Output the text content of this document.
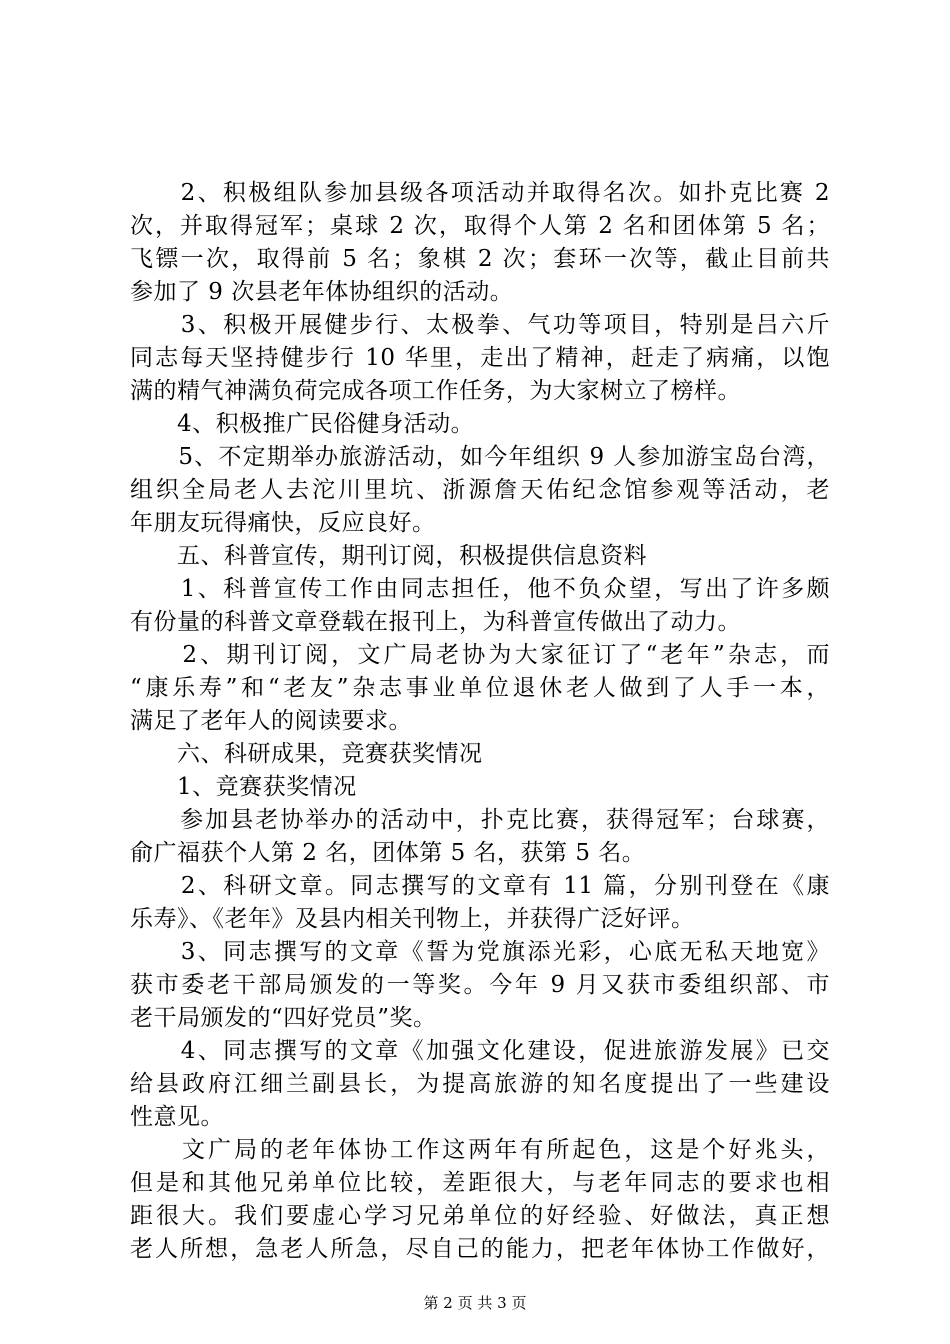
　　2、积极组队参加县级各项活动并取得名次。如扑克比赛 2
次，并取得冠军；桌球 2 次，取得个人第 2 名和团体第 5 名；
飞镖一次，取得前 5 名；象棋 2 次；套环一次等，截止目前共
参加了 9 次县老年体协组织的活动。
　　3、积极开展健步行、太极拳、气功等项目，特别是吕六斤
同志每天坚持健步行 10 华里，走出了精神，赶走了病痛，以饱
满的精气神满负荷完成各项工作任务，为大家树立了榜样。
　　4、积极推广民俗健身活动。
　　5、不定期举办旅游活动，如今年组织 9 人参加游宝岛台湾，
组织全局老人去沱川里坑、浙源詹天佑纪念馆参观等活动，老
年朋友玩得痛快，反应良好。
　　五、科普宣传，期刊订阅，积极提供信息资料
　　1、科普宣传工作由同志担任，他不负众望，写出了许多颇
有份量的科普文章登载在报刊上，为科普宣传做出了动力。
　　2、期刊订阅，文广局老协为大家征订了“老年”杂志，而
“康乐寿”和“老友”杂志事业单位退休老人做到了人手一本，
满足了老年人的阅读要求。
　　六、科研成果，竞赛获奖情况
　　1、竞赛获奖情况
　　参加县老协举办的活动中，扑克比赛，获得冠军；台球赛，
俞广福获个人第 2 名，团体第 5 名，获第 5 名。
　　2、科研文章。同志撰写的文章有 11 篇，分别刊登在《康
乐寿》、《老年》及县内相关刊物上，并获得广泛好评。
　　3、同志撰写的文章《誓为党旗添光彩，心底无私天地宽》
获市委老干部局颁发的一等奖。今年 9 月又获市委组织部、市
老干局颁发的“四好党员”奖。
　　4、同志撰写的文章《加强文化建设，促进旅游发展》已交
给县政府江细兰副县长，为提高旅游的知名度提出了一些建设
性意见。
　　文广局的老年体协工作这两年有所起色，这是个好兆头，
但是和其他兄弟单位比较，差距很大，与老年同志的要求也相
距很大。我们要虚心学习兄弟单位的好经验、好做法，真正想
老人所想，急老人所急，尽自己的能力，把老年体协工作做好，
第 2 页 共 3 页
